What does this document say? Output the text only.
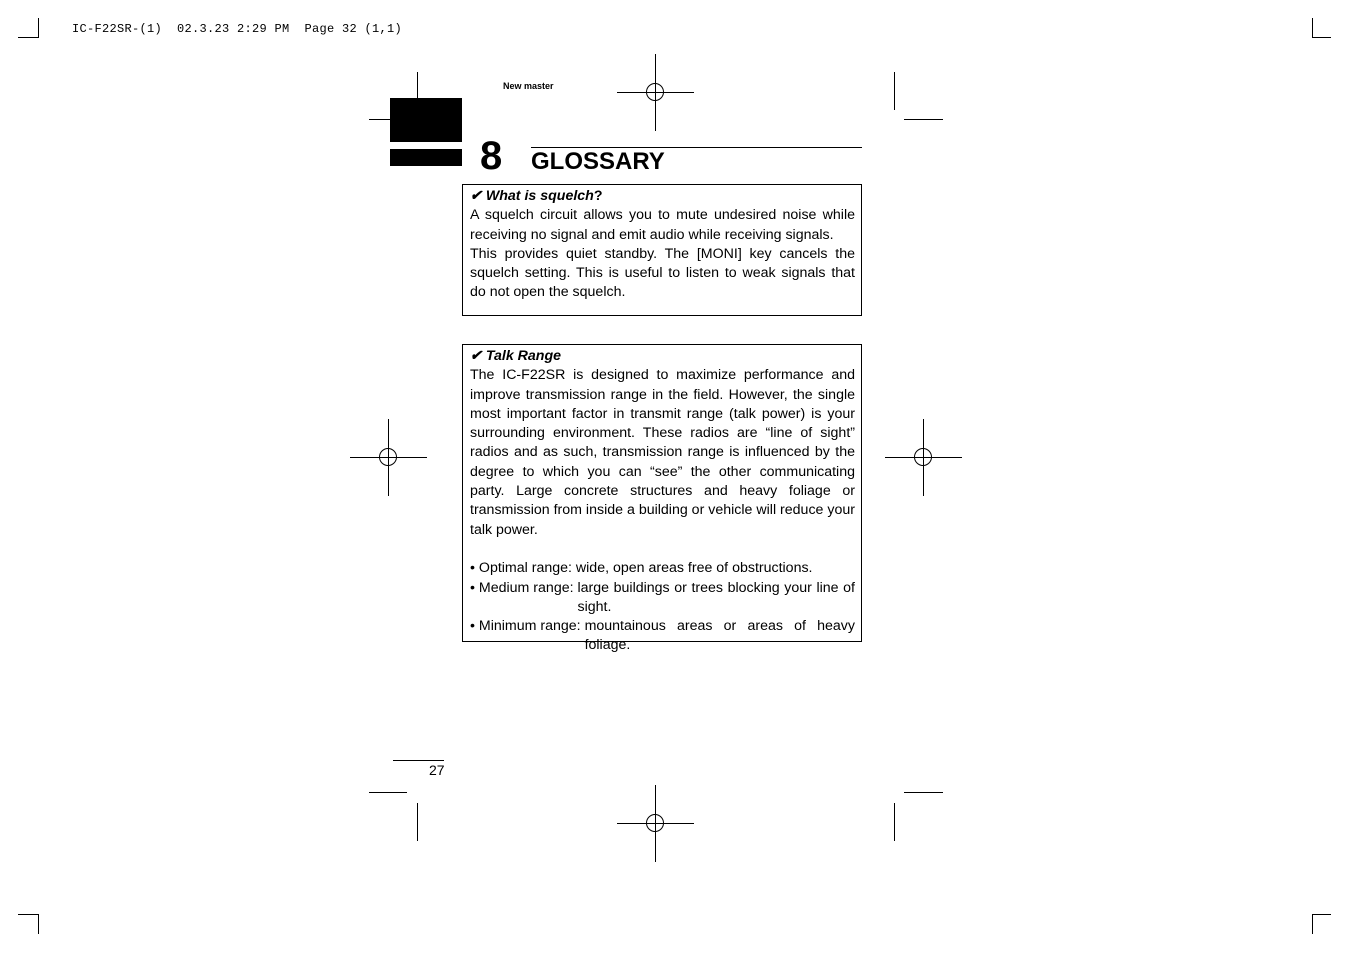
IC-F22SR-(1)  02.3.23 2:29 PM  Page 32 (1,1)
New master
8 GLOSSARY
✔ What is squelch?

A squelch circuit allows you to mute undesired noise while receiving no signal and emit audio while receiving signals.

This provides quiet standby. The [MONI] key cancels the squelch setting. This is useful to listen to weak signals that do not open the squelch.

✔ Talk Range

The IC-F22SR is designed to maximize performance and improve transmission range in the field. However, the single most important factor in transmit range (talk power) is your surrounding environment. These radios are “line of sight” radios and as such, transmission range is influenced by the degree to which you can “see” the other communicating party. Large concrete structures and heavy foliage or transmission from inside a building or vehicle will reduce your talk power.

• Optimal range: wide, open areas free of obstructions.
• Medium range: large buildings or trees blocking your line of sight.
• Minimum range: mountainous areas or areas of heavy foliage.
27
